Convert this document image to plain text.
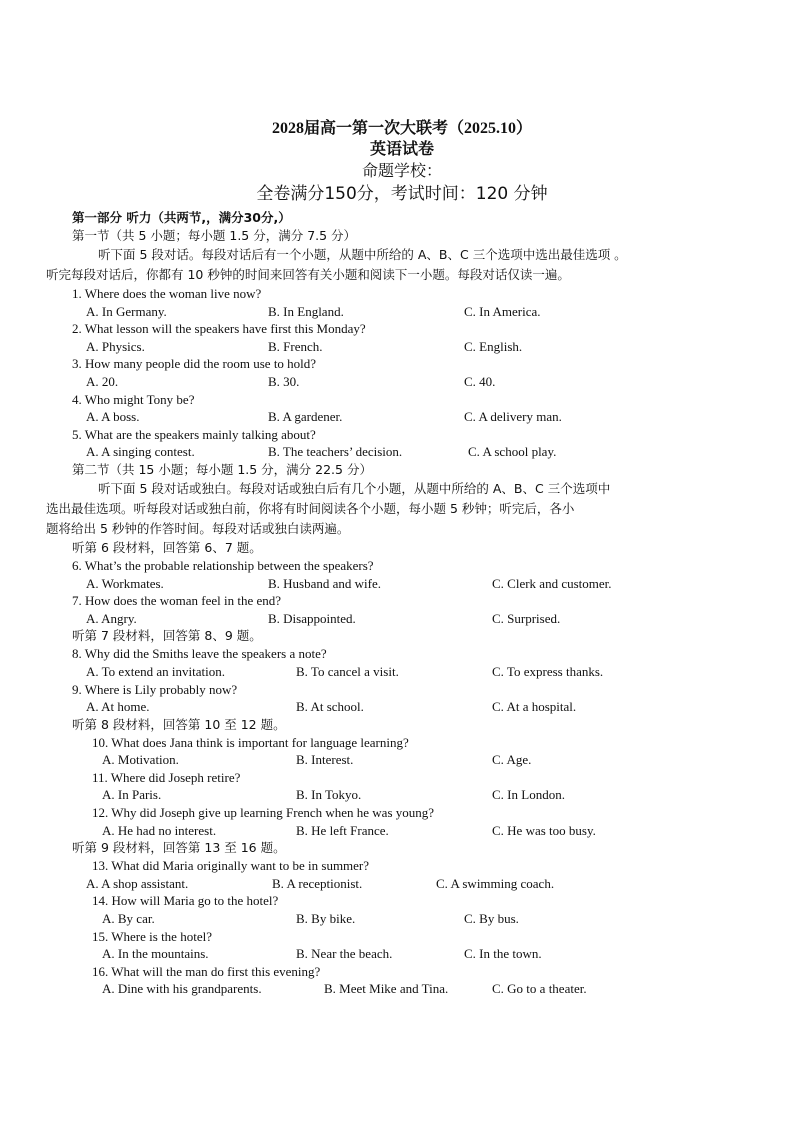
2028届高一第一次大联考（2025.10）
英语试卷
命题学校：
全卷满分150分，考试时间：120 分钟
第一部分 听力（共两节,，满分30分,）
第一节（共 5 小题；每小题 1.5 分，满分 7.5 分）
听下面 5 段对话。每段对话后有一个小题，从题中所给的 A、B、C 三个选项中选出最佳选项 。
听完每段对话后，你都有 10 秒钟的时间来回答有关小题和阅读下一小题。每段对话仅读一遍。
1. Where does the woman live now?
A. In Germany.	B. In England.	C. In America.
2. What lesson will the speakers have first this Monday?
A. Physics.	B. French.	C. English.
3. How many people did the room use to hold?
A. 20.	B. 30.	C. 40.
4. Who might Tony be?
A. A boss.	B. A gardener.	C. A delivery man.
5. What are the speakers mainly talking about?
A. A singing contest.	B. The teachers’ decision.	C. A school play.
第二节（共 15 小题；每小题 1.5 分，满分 22.5 分）
听下面 5 段对话或独白。每段对话或独白后有几个小题，从题中所给的 A、B、C 三个选项中
选出最佳选项。听每段对话或独白前，你将有时间阅读各个小题，每小题 5 秒钟；听完后，各小
题将给出 5 秒钟的作答时间。每段对话或独白读两遍。
听第 6 段材料，回答第 6、7 题。
6. What’s the probable relationship between the speakers?
A. Workmates.	B. Husband and wife.	C. Clerk and customer.
7. How does the woman feel in the end?
A. Angry.	B. Disappointed.	C. Surprised.
听第 7 段材料，回答第 8、9 题。
8. Why did the Smiths leave the speakers a note?
A. To extend an invitation.	B. To cancel a visit.	C. To express thanks.
9. Where is Lily probably now?
A. At home.	B. At school.	C. At a hospital.
听第 8 段材料，回答第 10 至 12 题。
10. What does Jana think is important for language learning?
A. Motivation.	B. Interest.	C. Age.
11. Where did Joseph retire?
A. In Paris.	B. In Tokyo.	C. In London.
12. Why did Joseph give up learning French when he was young?
A. He had no interest.	B. He left France.	C. He was too busy.
听第 9 段材料，回答第 13 至 16 题。
13. What did Maria originally want to be in summer?
A. A shop assistant.	B. A receptionist.	C. A swimming coach.
14. How will Maria go to the hotel?
A. By car.	B. By bike.	C. By bus.
15. Where is the hotel?
A. In the mountains.	B. Near the beach.	C. In the town.
16. What will the man do first this evening?
A. Dine with his grandparents.	B. Meet Mike and Tina.	C. Go to a theater.
